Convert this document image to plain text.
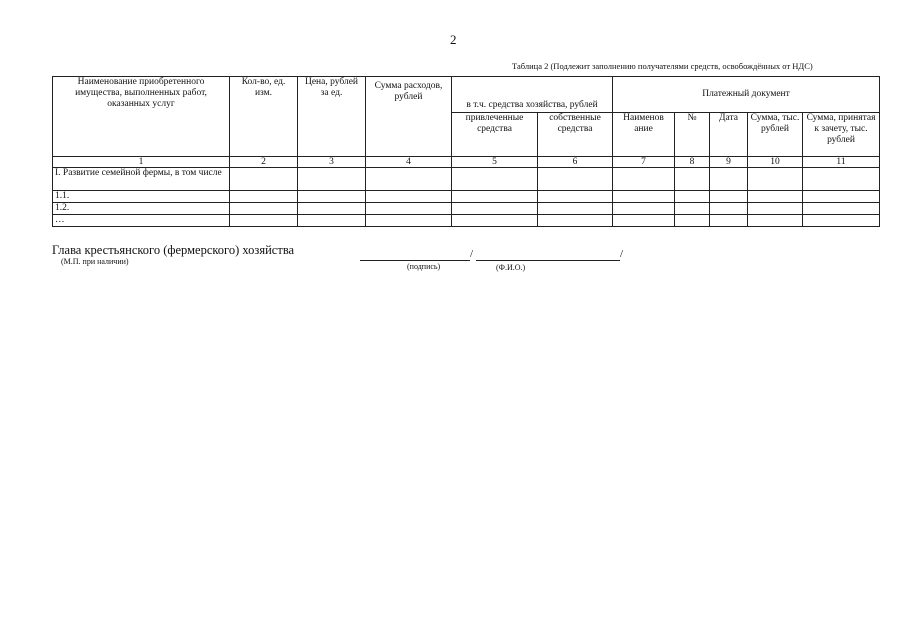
2
Таблица 2 (Подлежит заполнению получателями средств, освобождённых от НДС)
Наименование приобретенного имущества, выполненных работ, оказанных услуг	Кол-во, ед. изм.	Цена, рублей за ед.	Сумма расходов, рублей	в т.ч. средства хозяйства, рублей		Платежный документ				
				привлеченные средства	собственные средства	Наименов ание	№	Дата	Сумма, тыс. рублей	Сумма, принятая к зачету, тыс. рублей
1	2	3	4	5	6	7	8	9	10	11
I. Развитие семейной фермы, в том числе										
1.1.										
1.2.										
…										
Глава крестьянского (фермерского) хозяйства
(М.П. при наличии)
/	/
(подпись)	(Ф.И.О.)
